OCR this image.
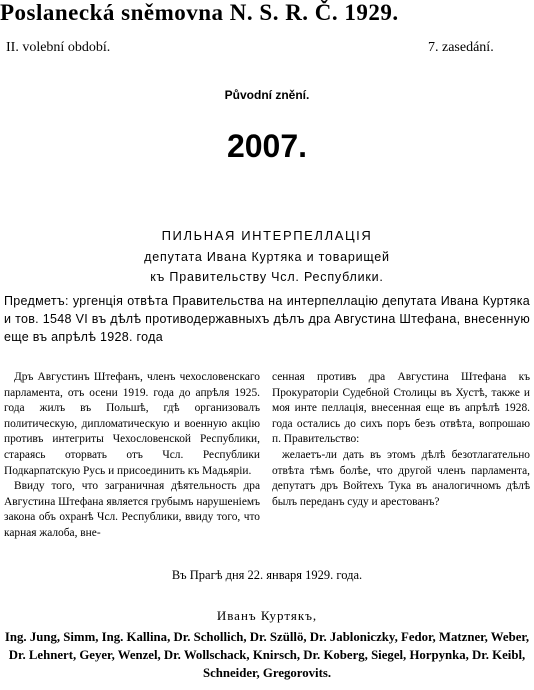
Poslanecká sněmovna N. S. R. Č. 1929.
II. volební období.	7. zasedání.
Původní znění.
2007.
ПИЛЬНАЯ ИНТЕРПЕЛЛАЦІЯ
депутата Ивана Куртяка и товарищей
къ Правительству Чсл. Республики.
Предметъ: ургенція отвѣта Правительства на интерпеллацію депутата Ивана Куртяка и тов. 1548 VI въ дѣлѣ противодержавныхъ дѣлъ дра Августина Штефана, внесенную еще въ апрѣлѣ 1928. года

Дръ Августинъ Штефанъ, членъ чехословенскаго парламента, отъ осени 1919. года до апрѣля 1925. года жилъ въ Польшѣ, гдѣ организовалъ политическую, дипломатическую и военную акцію противъ интегриты Чехословенской Республики, стараясь оторвать отъ Чсл. Республики Подкарпатскую Русь и присоединить къ Мадьярiи.

Ввиду того, что заграничная дѣятельность дра Августина Штефана является грубымъ нарушеніемъ закона объ охранѣ Чсл. Республики, ввиду того, что карная жалоба, вне-

сенная противъ дра Августина Штефана къ Прокураторіи Судебной Столицы въ Хустѣ, также и моя инте пеллація, внесенная еще въ апрѣлѣ 1928. года остались до сихъ поръ безъ отвѣта, вопрошаю п. Правительство:

желаетъ-ли дать въ этомъ дѣлѣ безотлагательно отвѣта тѣмъ болѣе, что другой членъ парламента, депутатъ дръ Войтехъ Тука въ аналогичномъ дѣлѣ былъ переданъ суду и арестованъ?

Въ Прагѣ дня 22. января 1929. года.
Иванъ Куртякъ,
Ing. Jung, Simm, Ing. Kallina, Dr. Schollich, Dr. Szüllö, Dr. Jabloniczky, Fedor, Matzner, Weber, Dr. Lehnert, Geyer, Wenzel, Dr. Wollschack, Knirsch, Dr. Koberg, Siegel, Horpynka, Dr. Keibl, Schneider, Gregorovits.
